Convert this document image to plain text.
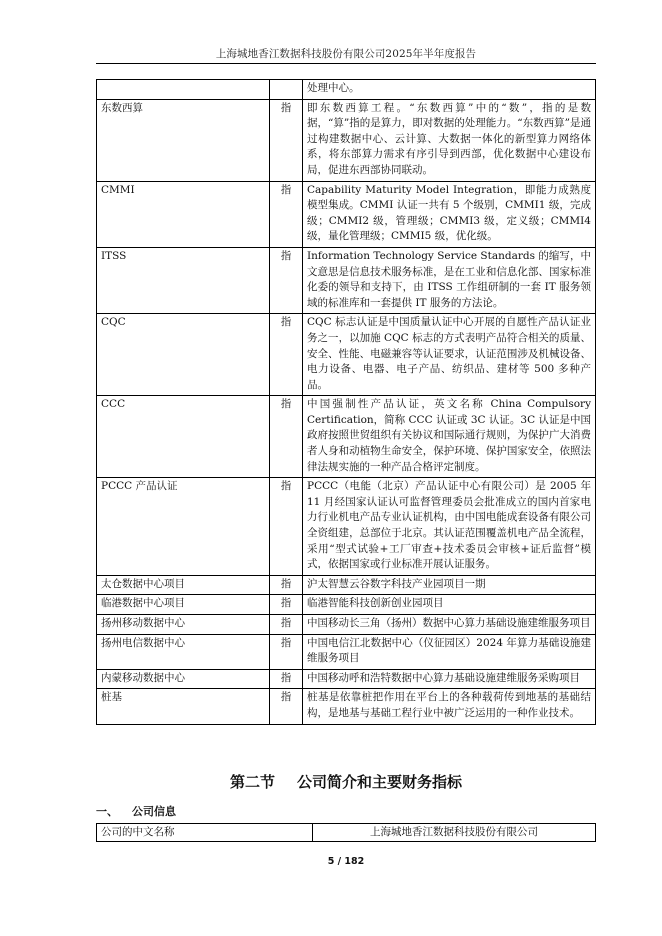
上海城地香江数据科技股份有限公司2025年半年度报告
		处理中心。
东数西算	指	即东数西算工程。“东数西算”中的“数”，指的是数据，“算”指的是算力，即对数据的处理能力。“东数西算”是通过构建数据中心、云计算、大数据一体化的新型算力网络体系，将东部算力需求有序引导到西部，优化数据中心建设布局，促进东西部协同联动。
CMMI	指	Capability Maturity Model Integration，即能力成熟度模型集成。CMMI 认证一共有 5 个级别，CMMI1 级，完成级；CMMI2 级，管理级；CMMI3 级，定义级；CMMI4 级，量化管理级；CMMI5 级，优化级。
ITSS	指	Information Technology Service Standards 的缩写，中文意思是信息技术服务标准，是在工业和信息化部、国家标准化委的领导和支持下，由 ITSS 工作组研制的一套 IT 服务领域的标准库和一套提供 IT 服务的方法论。
CQC	指	CQC 标志认证是中国质量认证中心开展的自愿性产品认证业务之一，以加施 CQC 标志的方式表明产品符合相关的质量、安全、性能、电磁兼容等认证要求，认证范围涉及机械设备、电力设备、电器、电子产品、纺织品、建材等 500 多种产品。
CCC	指	中国强制性产品认证，英文名称 China Compulsory Certification，简称 CCC 认证或 3C 认证。3C 认证是中国政府按照世贸组织有关协议和国际通行规则，为保护广大消费者人身和动植物生命安全，保护环境、保护国家安全，依照法律法规实施的一种产品合格评定制度。
PCCC 产品认证	指	PCCC（电能（北京）产品认证中心有限公司）是 2005 年 11 月经国家认证认可监督管理委员会批准成立的国内首家电力行业机电产品专业认证机构，由中国电能成套设备有限公司全资组建，总部位于北京。其认证范围覆盖机电产品全流程，采用“型式试验+工厂审查+技术委员会审核+证后监督”模式，依据国家或行业标准开展认证服务。
太仓数据中心项目	指	沪太智慧云谷数字科技产业园项目一期
临港数据中心项目	指	临港智能科技创新创业园项目
扬州移动数据中心	指	中国移动长三角（扬州）数据中心算力基础设施建维服务项目
扬州电信数据中心	指	中国电信江北数据中心（仪征园区）2024 年算力基础设施建维服务项目
内蒙移动数据中心	指	中国移动呼和浩特数据中心算力基础设施建维服务采购项目
桩基	指	桩基是依靠桩把作用在平台上的各种载荷传到地基的基础结构，是地基与基础工程行业中被广泛运用的一种作业技术。
第二节 公司简介和主要财务指标
一、 公司信息
公司的中文名称	上海城地香江数据科技股份有限公司
5 / 182
